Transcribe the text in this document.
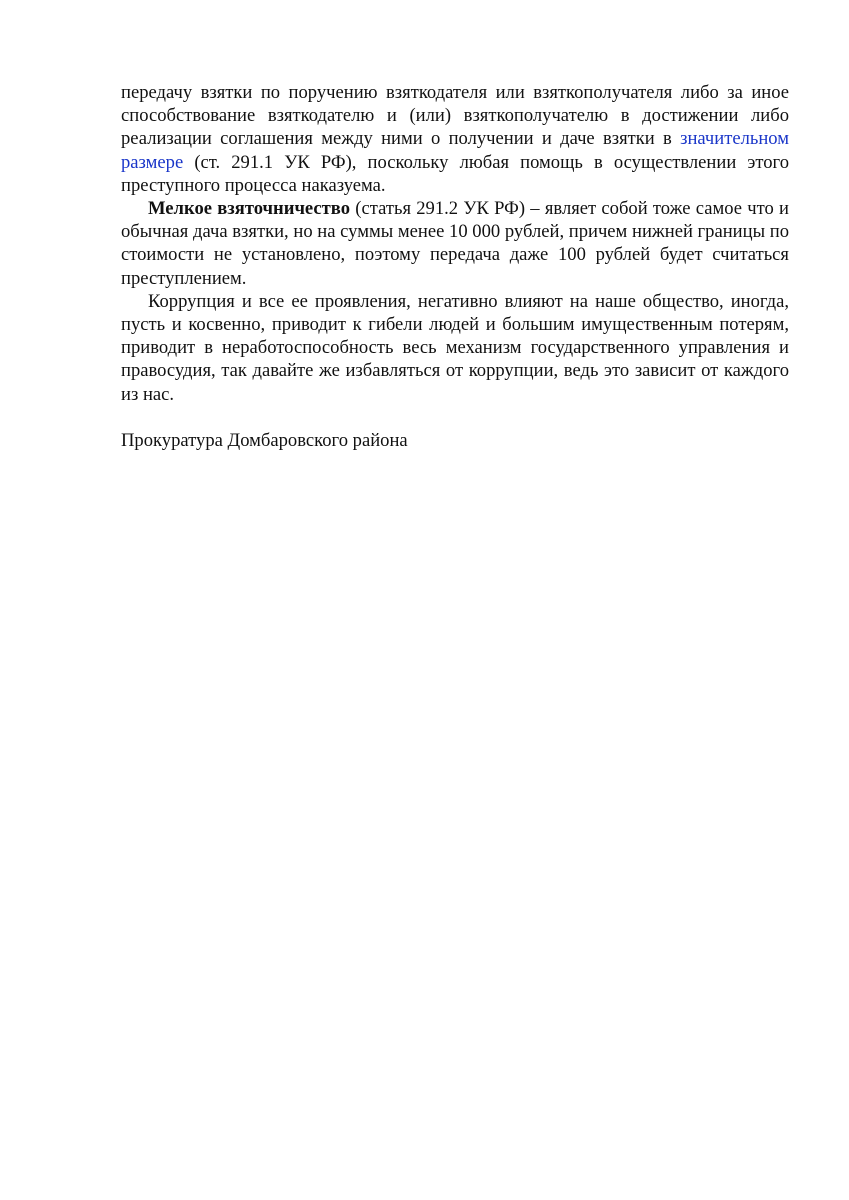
передачу взятки по поручению взяткодателя или взяткополучателя либо за иное способствование взяткодателю и (или) взяткополучателю в достижении либо реализации соглашения между ними о получении и даче взятки в значительном размере (ст. 291.1 УК РФ), поскольку любая помощь в осуществлении этого преступного процесса наказуема.

Мелкое взяточничество (статья 291.2 УК РФ) – являет собой тоже самое что и обычная дача взятки, но на суммы менее 10 000 рублей, причем нижней границы по стоимости не установлено, поэтому передача даже 100 рублей будет считаться преступлением.

Коррупция и все ее проявления, негативно влияют на наше общество, иногда, пусть и косвенно, приводит к гибели людей и большим имущественным потерям, приводит в неработоспособность весь механизм государственного управления и правосудия, так давайте же избавляться от коррупции, ведь это зависит от каждого из нас.

Прокуратура Домбаровского района
